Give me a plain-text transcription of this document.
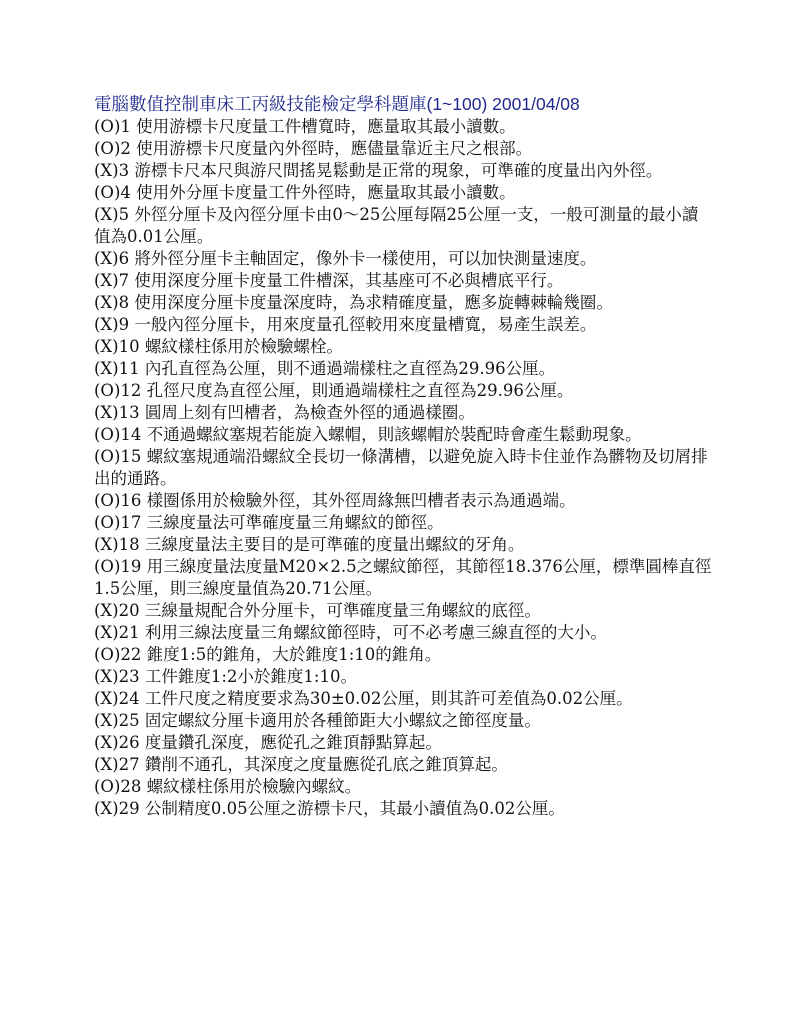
電腦數值控制車床工丙級技能檢定學科題庫(1~100) 2001/04/08

(O)1 使用游標卡尺度量工件槽寬時，應量取其最小讀數。

(O)2 使用游標卡尺度量內外徑時，應儘量靠近主尺之根部。

(X)3 游標卡尺本尺與游尺間搖晃鬆動是正常的現象，可準確的度量出內外徑。

(O)4 使用外分厘卡度量工件外徑時，應量取其最小讀數。

(X)5 外徑分厘卡及內徑分厘卡由0～25公厘每隔25公厘一支，一般可測量的最小讀值為0.01公厘。

(X)6 將外徑分厘卡主軸固定，像外卡一樣使用，可以加快測量速度。

(X)7 使用深度分厘卡度量工件槽深，其基座可不必與槽底平行。

(X)8 使用深度分厘卡度量深度時，為求精確度量，應多旋轉棘輪幾圈。

(X)9 一般內徑分厘卡，用來度量孔徑較用來度量槽寬，易產生誤差。

(X)10 螺紋樣柱係用於檢驗螺栓。

(X)11 內孔直徑為公厘，則不通過端樣柱之直徑為29.96公厘。

(O)12 孔徑尺度為直徑公厘，則通過端樣柱之直徑為29.96公厘。

(X)13 圓周上刻有凹槽者，為檢查外徑的通過樣圈。

(O)14 不通過螺紋塞規若能旋入螺帽，則該螺帽於裝配時會產生鬆動現象。

(O)15 螺紋塞規通端沿螺紋全長切一條溝槽，以避免旋入時卡住並作為髒物及切屑排出的通路。

(O)16 樣圈係用於檢驗外徑，其外徑周緣無凹槽者表示為通過端。

(O)17 三線度量法可準確度量三角螺紋的節徑。

(X)18 三線度量法主要目的是可準確的度量出螺紋的牙角。

(O)19 用三線度量法度量M20×2.5之螺紋節徑，其節徑18.376公厘，標準圓棒直徑1.5公厘，則三線度量值為20.71公厘。

(X)20 三線量規配合外分厘卡，可準確度量三角螺紋的底徑。

(X)21 利用三線法度量三角螺紋節徑時，可不必考慮三線直徑的大小。

(O)22 錐度1:5的錐角，大於錐度1:10的錐角。

(X)23 工件錐度1:2小於錐度1:10。

(X)24 工件尺度之精度要求為30±0.02公厘，則其許可差值為0.02公厘。

(X)25 固定螺紋分厘卡適用於各種節距大小螺紋之節徑度量。

(X)26 度量鑽孔深度，應從孔之錐頂靜點算起。

(X)27 鑽削不通孔，其深度之度量應從孔底之錐頂算起。

(O)28 螺紋樣柱係用於檢驗內螺紋。

(X)29 公制精度0.05公厘之游標卡尺，其最小讀值為0.02公厘。
